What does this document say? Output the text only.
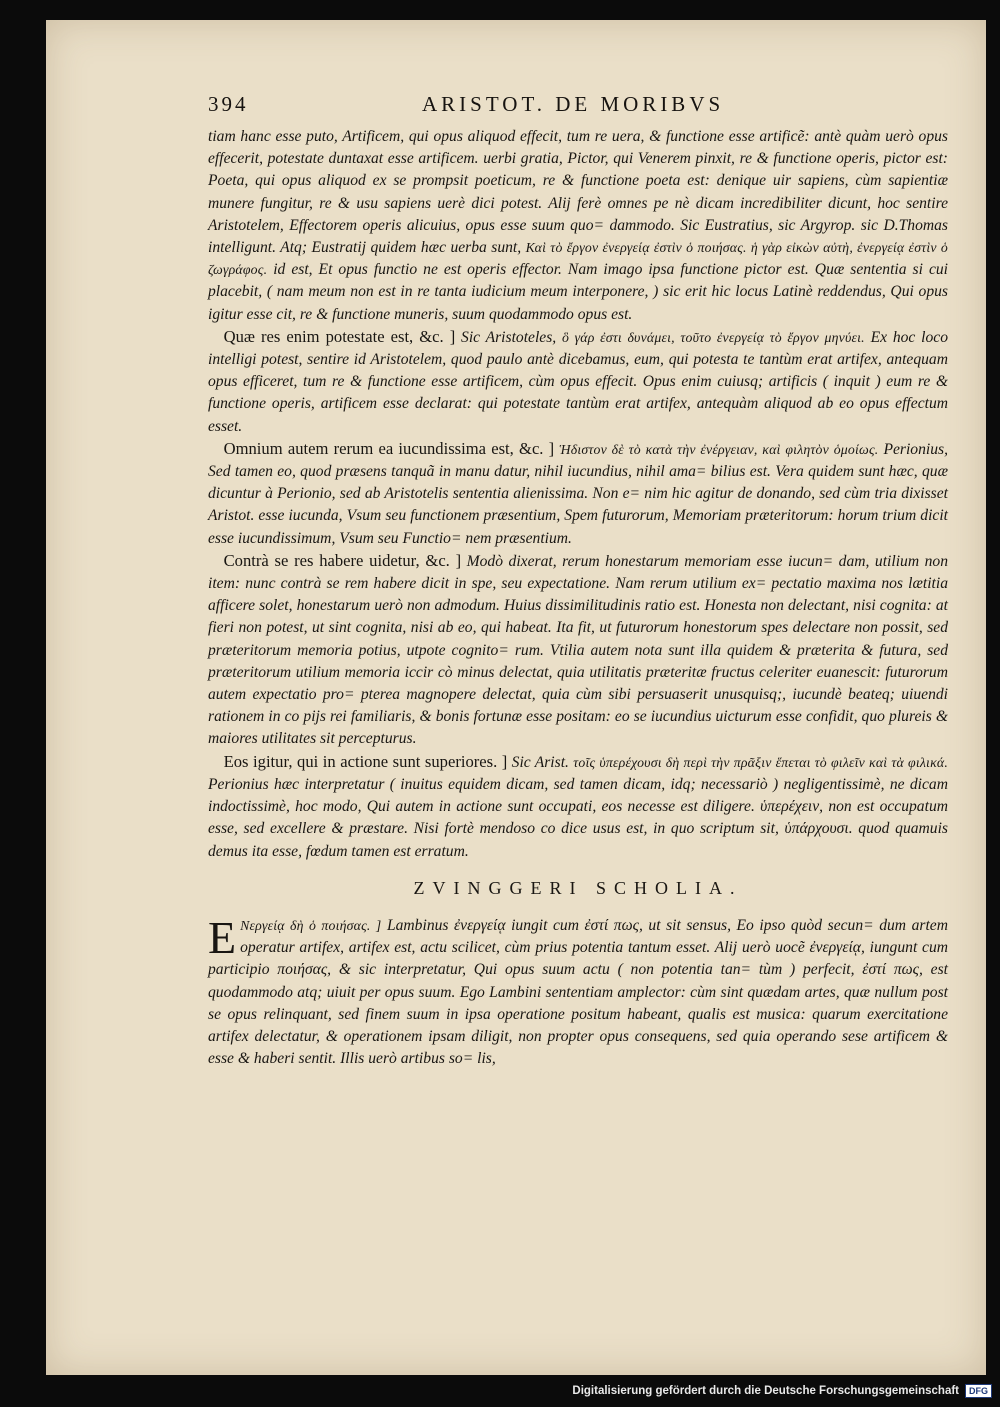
394	ARISTOT. DE MORIBVS

tiam hanc esse puto, Artificem, qui opus aliquod effecit, tum re uera, & functione esse artificẽ: antè quàm uerò opus effecerit, potestate duntaxat esse artificem. uerbi gratia, Pictor, qui Venerem pinxit, re & functione operis, pictor est: Poeta, qui opus aliquod ex se prompsit poeticum, re & functione poeta est: denique uir sapiens, cùm sapientiæ munere fungitur, re & usu sapiens uerè dici potest. Alij ferè omnes pe nè dicam incredibiliter dicunt, hoc sentire Aristotelem, Effectorem operis alicuius, opus esse suum quo= dammodo. Sic Eustratius, sic Argyrop. sic D.Thomas intelligunt. Atq; Eustratij quidem hæc uerba sunt, Καὶ τὸ ἔργον ἐνεργείᾳ ἐστὶν ὁ ποιήσας. ἡ γὰρ εἰκὼν αὐτὴ, ἐνεργείᾳ ἐστὶν ὁ ζωγράφος. id est, Et opus functio ne est operis effector. Nam imago ipsa functione pictor est. Quæ sententia si cui placebit, ( nam meum non est in re tanta iudicium meum interponere, ) sic erit hic locus Latinè reddendus, Qui opus igitur esse cit, re & functione muneris, suum quodammodo opus est.

 Quæ res enim potestate est, &c. ] Sic Aristoteles, ὃ γάρ ἐστι δυνάμει, τοῦτο ἐνεργείᾳ τὸ ἔργον μηνύει. Ex hoc loco intelligi potest, sentire id Aristotelem, quod paulo antè dicebamus, eum, qui potesta te tantùm erat artifex, antequam opus efficeret, tum re & functione esse artificem, cùm opus effecit. Opus enim cuiusq; artificis ( inquit ) eum re & functione operis, artificem esse declarat: qui potestate tantùm erat artifex, antequàm aliquod ab eo opus effectum esset.

 Omnium autem rerum ea iucundissima est, &c. ] Ἡδιστον δὲ τὸ κατὰ τὴν ἐνέργειαν, καὶ φιλητὸν ὁμοίως. Perionius, Sed tamen eo, quod præsens tanquã in manu datur, nihil iucundius, nihil ama= bilius est. Vera quidem sunt hæc, quæ dicuntur à Perionio, sed ab Aristotelis sententia alienissima. Non e= nim hic agitur de donando, sed cùm tria dixisset Aristot. esse iucunda, Vsum seu functionem præsentium, Spem futurorum, Memoriam præteritorum: horum trium dicit esse iucundissimum, Vsum seu Functio= nem præsentium.

 Contrà se res habere uidetur, &c. ] Modò dixerat, rerum honestarum memoriam esse iucun= dam, utilium non item: nunc contrà se rem habere dicit in spe, seu expectatione. Nam rerum utilium ex= pectatio maxima nos lætitia afficere solet, honestarum uerò non admodum. Huius dissimilitudinis ratio est. Honesta non delectant, nisi cognita: at fieri non potest, ut sint cognita, nisi ab eo, qui habeat. Ita fit, ut futurorum honestorum spes delectare non possit, sed præteritorum memoria potius, utpote cognito= rum. Vtilia autem nota sunt illa quidem & præterita & futura, sed præteritorum utilium memoria iccir cò minus delectat, quia utilitatis præteritæ fructus celeriter euanescit: futurorum autem expectatio pro= pterea magnopere delectat, quia cùm sibi persuaserit unusquisq;, iucundè beateq; uiuendi rationem in co pijs rei familiaris, & bonis fortunæ esse positam: eo se iucundius uicturum esse confidit, quo plureis & maiores utilitates sit percepturus.

 Eos igitur, qui in actione sunt superiores. ] Sic Arist. τοῖς ὑπερέχουσι δὴ περὶ τὴν πρᾶξιν ἕπεται τὸ φιλεῖν καὶ τὰ φιλικά. Perionius hæc interpretatur ( inuitus equidem dicam, sed tamen dicam, idq; necessariò ) negligentissimè, ne dicam indoctissimè, hoc modo, Qui autem in actione sunt occupati, eos necesse est diligere. ὑπερέχειν, non est occupatum esse, sed excellere & præstare. Nisi fortè mendoso co dice usus est, in quo scriptum sit, ὑπάρχουσι. quod quamuis demus ita esse, fœdum tamen est erratum.

ZVINGGERI SCHOLIA.

E Νεργείᾳ δὴ ὁ ποιήσας. ] Lambinus ἐνεργείᾳ iungit cum ἐστί πως, ut sit sensus, Eo ipso quòd secun= dum artem operatur artifex, artifex est, actu scilicet, cùm prius potentia tantum esset. Alij uerò uocẽ ἐνεργείᾳ, iungunt cum participio ποιήσας, & sic interpretatur, Qui opus suum actu ( non potentia tan= tùm ) perfecit, ἐστί πως, est quodammodo atq; uiuit per opus suum. Ego Lambini sententiam amplector: cùm sint quædam artes, quæ nullum post se opus relinquant, sed finem suum in ipsa operatione positum habeant, qualis est musica: quarum exercitatione artifex delectatur, & operationem ipsam diligit, non propter opus consequens, sed quia operando sese artificem & esse & haberi sentit. Illis uerò artibus so= lis,

Digitalisierung gefördert durch die Deutsche Forschungsgemeinschaft	DFG
